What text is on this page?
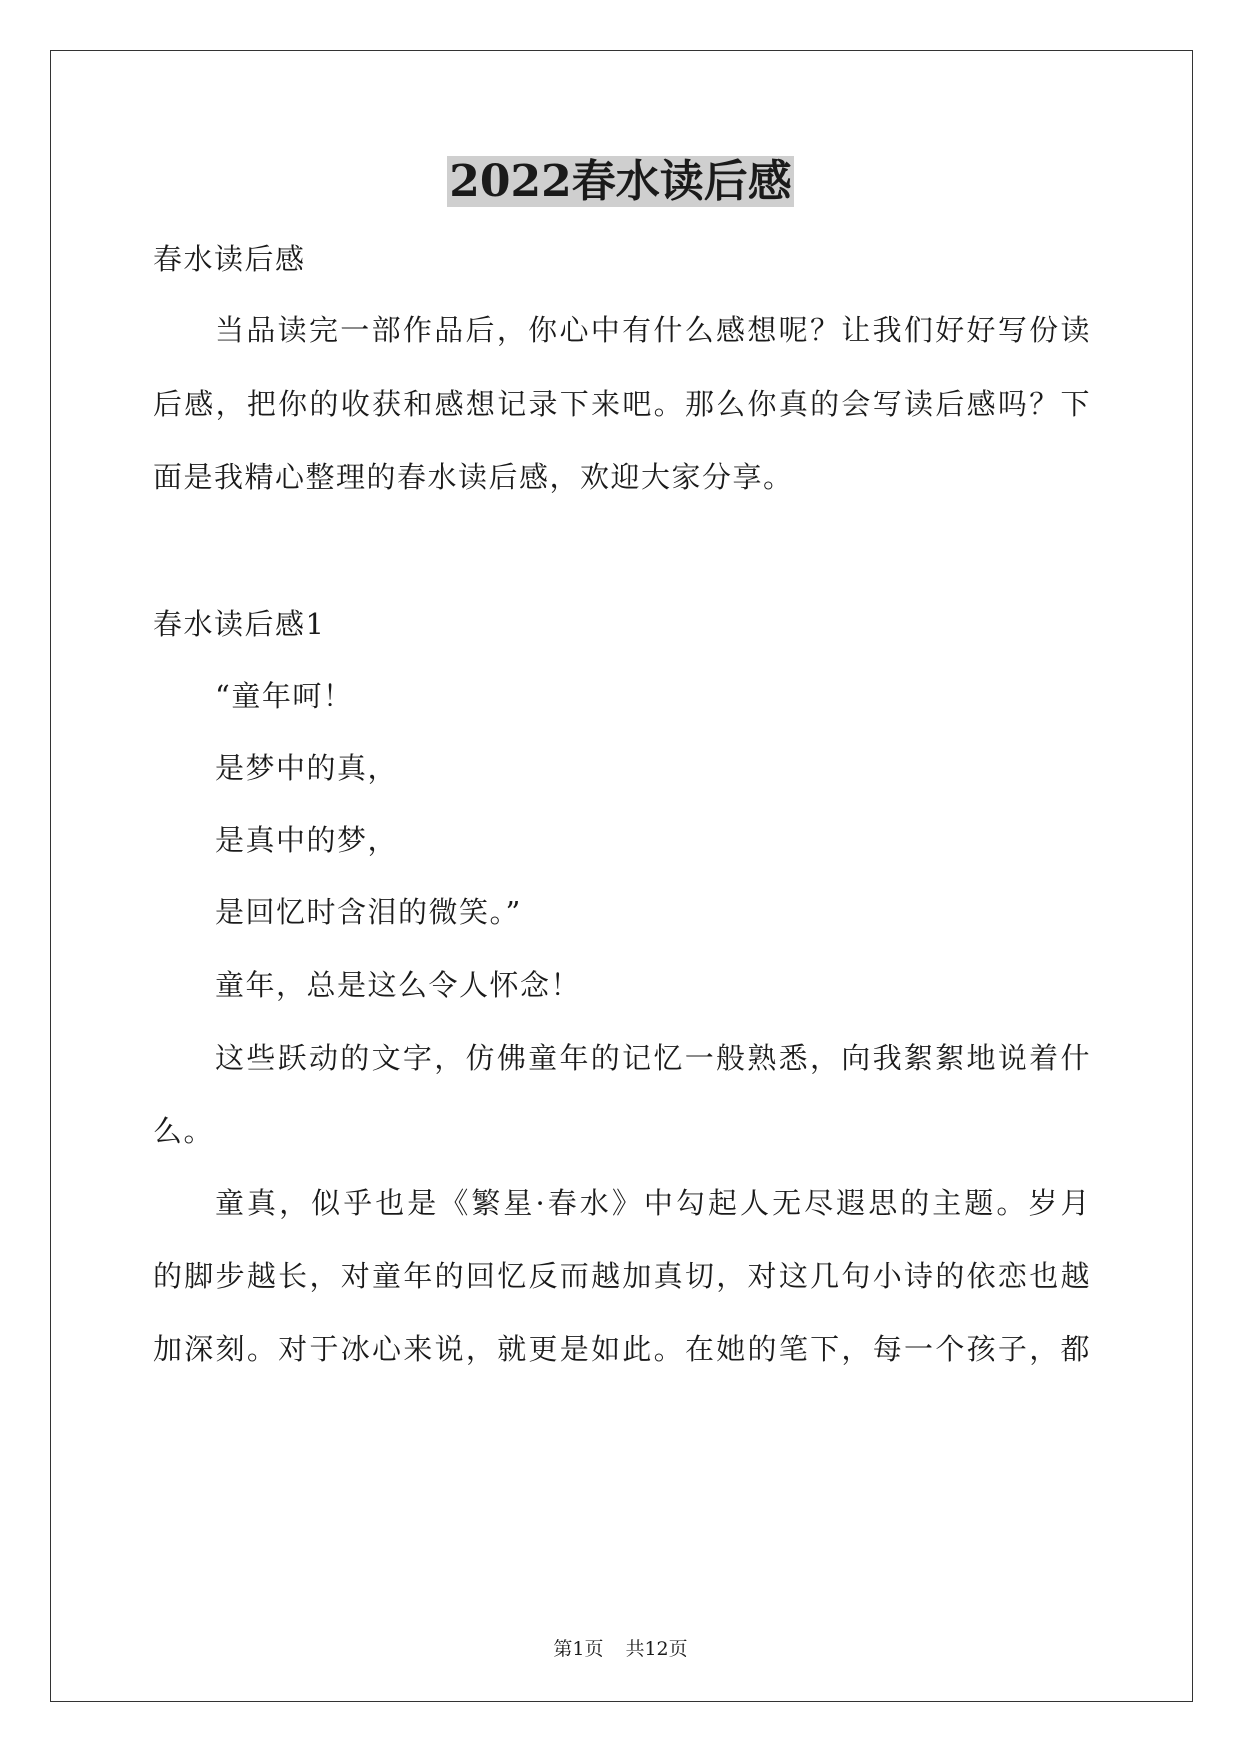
2022春水读后感
春水读后感
当品读完一部作品后，你心中有什么感想呢？让我们好好写份读
后感，把你的收获和感想记录下来吧。那么你真的会写读后感吗？下
面是我精心整理的春水读后感，欢迎大家分享。
春水读后感1
“童年呵！
是梦中的真，
是真中的梦，
是回忆时含泪的微笑。”
童年，总是这么令人怀念！
这些跃动的文字，仿佛童年的记忆一般熟悉，向我絮絮地说着什
么。
童真，似乎也是《繁星·春水》中勾起人无尽遐思的主题。岁月
的脚步越长，对童年的回忆反而越加真切，对这几句小诗的依恋也越
加深刻。对于冰心来说，就更是如此。在她的笔下，每一个孩子，都
第1页 共12页
